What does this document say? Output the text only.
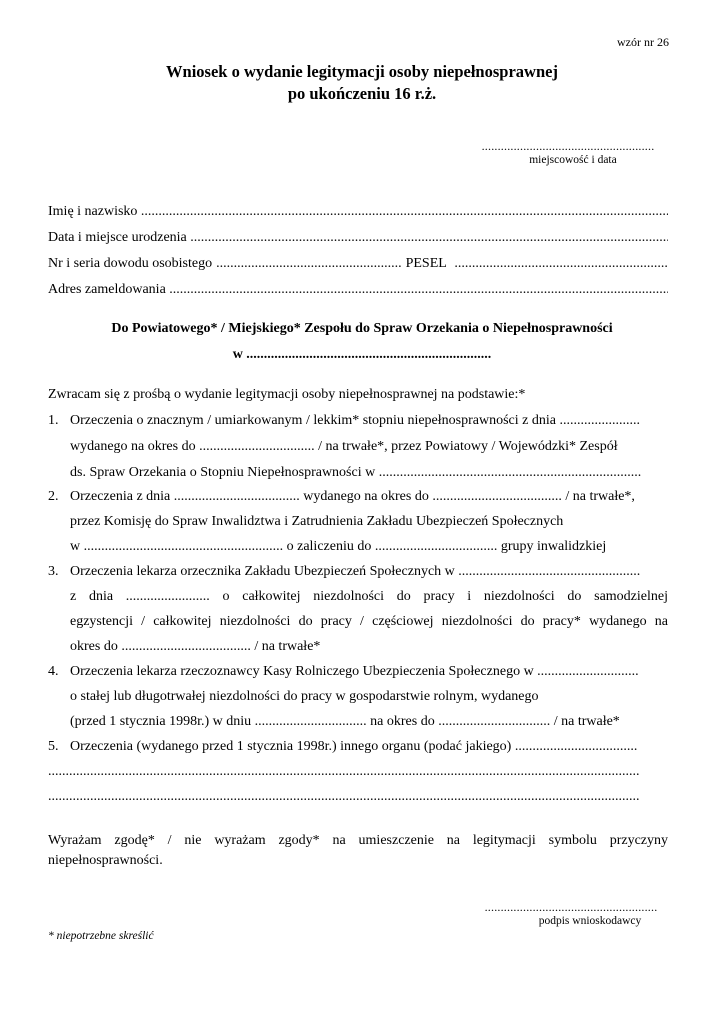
wzór nr 26
Wniosek o wydanie legitymacji osoby niepełnosprawnej
po ukończeniu 16 r.ż.
......................................................
miejscowość i data
Imię i nazwisko
.....
Data i miejsce urodzenia
.....
Nr i seria dowodu osobistego ..................................................... PESEL
.....
Adres zameldowania
.....
Do Powiatowego* / Miejskiego* Zespołu do Spraw Orzekania o Niepełnosprawności
w ......................................................................
Zwracam się z prośbą o wydanie legitymacji osoby niepełnosprawnej na podstawie:*
1. Orzeczenia o znacznym / umiarkowanym / lekkim* stopniu niepełnosprawności z dnia .......................
wydanego na okres do ................................. / na trwałe*, przez Powiatowy / Wojewódzki* Zespół
ds. Spraw Orzekania o Stopniu Niepełnosprawności w ...........................................................................
2. Orzeczenia z dnia .................................... wydanego na okres do ..................................... / na trwałe*,
przez Komisję do Spraw Inwalidztwa i Zatrudnienia Zakładu Ubezpieczeń Społecznych
w ......................................................... o zaliczeniu do ................................... grupy inwalidzkiej
3. Orzeczenia lekarza orzecznika Zakładu Ubezpieczeń Społecznych w ....................................................
z dnia ........................ o całkowitej niezdolności do pracy i niezdolności do samodzielnej
egzystencji / całkowitej niezdolności do pracy / częściowej niezdolności do pracy* wydanego na
okres do ..................................... / na trwałe*
4. Orzeczenia lekarza rzeczoznawcy Kasy Rolniczego Ubezpieczenia Społecznego w .............................
o stałej lub długotrwałej niezdolności do pracy w gospodarstwie rolnym, wydanego
(przed 1 stycznia 1998r.) w dniu ................................ na okres do ................................ / na trwałe*
5. Orzeczenia (wydanego przed 1 stycznia 1998r.) innego organu (podać jakiego) ...................................
.........................................................................................................................................................................
.........................................................................................................................................................................
Wyrażam zgodę* / nie wyrażam zgody* na umieszczenie na legitymacji symbolu przyczyny niepełnosprawności.
......................................................
podpis wnioskodawcy
* niepotrzebne skreślić
